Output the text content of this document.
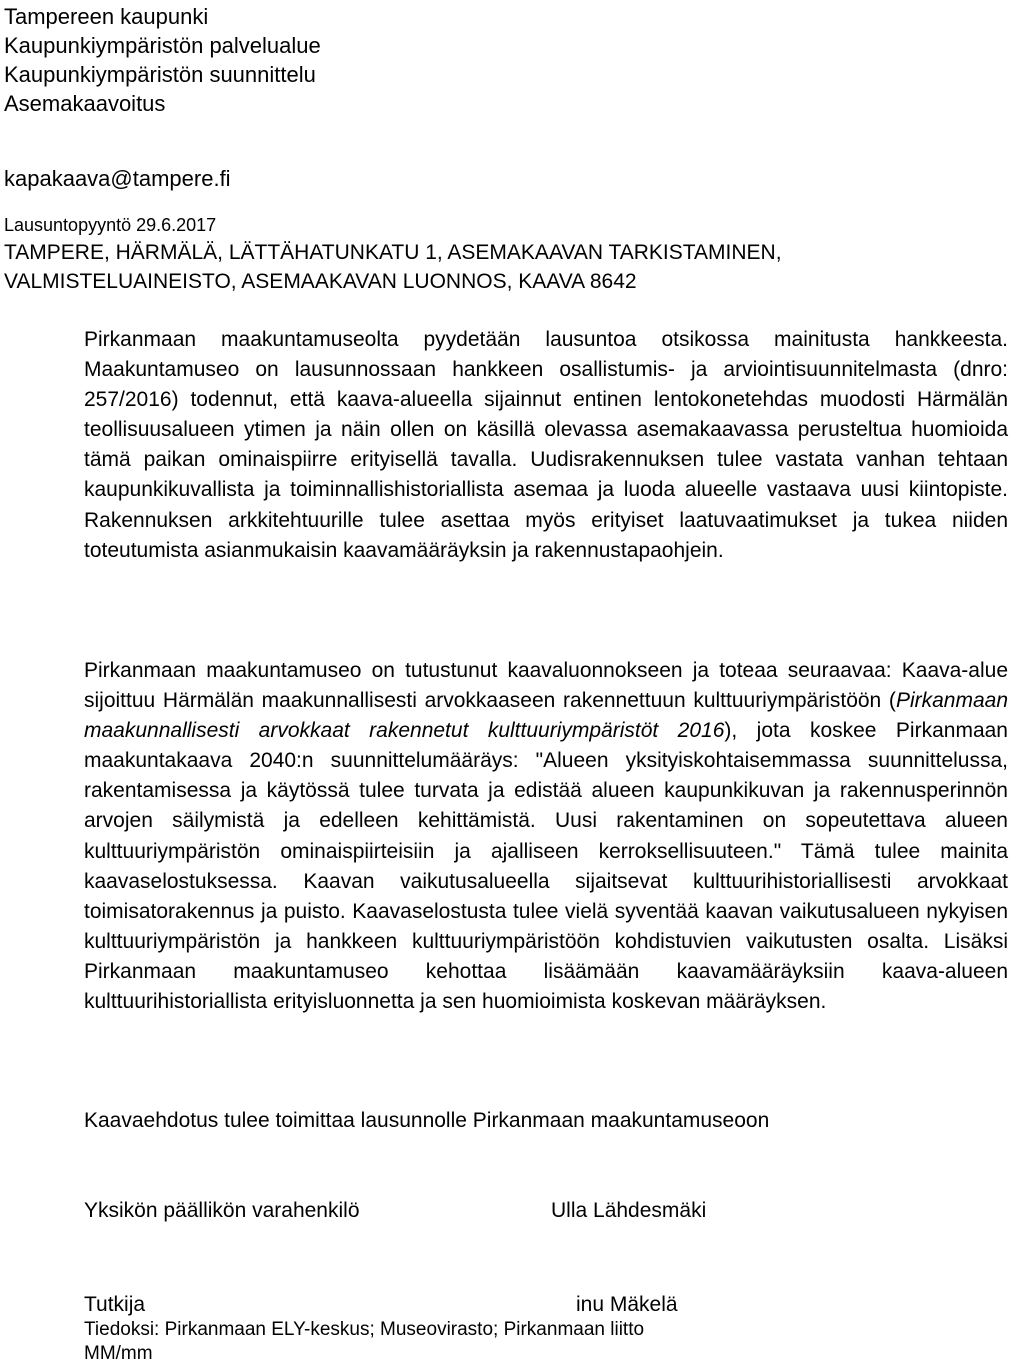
Tampereen kaupunki
Kaupunkiympäristön palvelualue
Kaupunkiympäristön suunnittelu
Asemakaavoitus
kapakaava@tampere.fi
Lausuntopyyntö 29.6.2017
TAMPERE, HÄRMÄLÄ, LÄTTÄHATUNKATU 1, ASEMAKAAVAN TARKISTAMINEN,
VALMISTELUAINEISTO, ASEMAAKAVAN LUONNOS, KAAVA 8642

Pirkanmaan maakuntamuseolta pyydetään lausuntoa otsikossa mainitusta hankkeesta. Maakuntamuseo on lausunnossaan hankkeen osallistumis- ja arviointisuunnitelmasta (dnro: 257/2016) todennut, että kaava-alueella sijainnut entinen lentokonetehdas muodosti Härmälän teollisuusalueen ytimen ja näin ollen on käsillä olevassa asemakaavassa perusteltua huomioida tämä paikan ominaispiirre erityisellä tavalla. Uudisrakennuksen tulee vastata vanhan tehtaan kaupunkikuvallista ja toiminnallishistoriallista asemaa ja luoda alueelle vastaava uusi kiintopiste. Rakennuksen arkkitehtuurille tulee asettaa myös erityiset laatuvaatimukset ja tukea niiden toteutumista asianmukaisin kaavamääräyksin ja rakennustapaohjein.

Pirkanmaan maakuntamuseo on tutustunut kaavaluonnokseen ja toteaa seuraavaa: Kaava-alue sijoittuu Härmälän maakunnallisesti arvokkaaseen rakennettuun kulttuuriympäristöön (Pirkanmaan maakunnallisesti arvokkaat rakennetut kulttuuriympäristöt 2016), jota koskee Pirkanmaan maakuntakaava 2040:n suunnittelumääräys: "Alueen yksityiskohtaisemmassa suunnittelussa, rakentamisessa ja käytössä tulee turvata ja edistää alueen kaupunkikuvan ja rakennusperinnön arvojen säilymistä ja edelleen kehittämistä. Uusi rakentaminen on sopeutettava alueen kulttuuriympäristön ominaispiirteisiin ja ajalliseen kerroksellisuuteen." Tämä tulee mainita kaavaselostuksessa. Kaavan vaikutusalueella sijaitsevat kulttuurihistoriallisesti arvokkaat toimisatorakennus ja puisto. Kaavaselostusta tulee vielä syventää kaavan vaikutusalueen nykyisen kulttuuriympäristön ja hankkeen kulttuuriympäristöön kohdistuvien vaikutusten osalta. Lisäksi Pirkanmaan maakuntamuseo kehottaa lisäämään kaavamääräyksiin kaava-alueen kulttuurihistoriallista erityisluonnetta ja sen huomioimista koskevan määräyksen.

Kaavaehdotus tulee toimittaa lausunnolle Pirkanmaan maakuntamuseoon

Yksikön päällikön varahenkilö	Ulla Lähdesmäki
Tutkija	inu Mäkelä
Tiedoksi: Pirkanmaan ELY-keskus; Museovirasto; Pirkanmaan liitto
MM/mm
